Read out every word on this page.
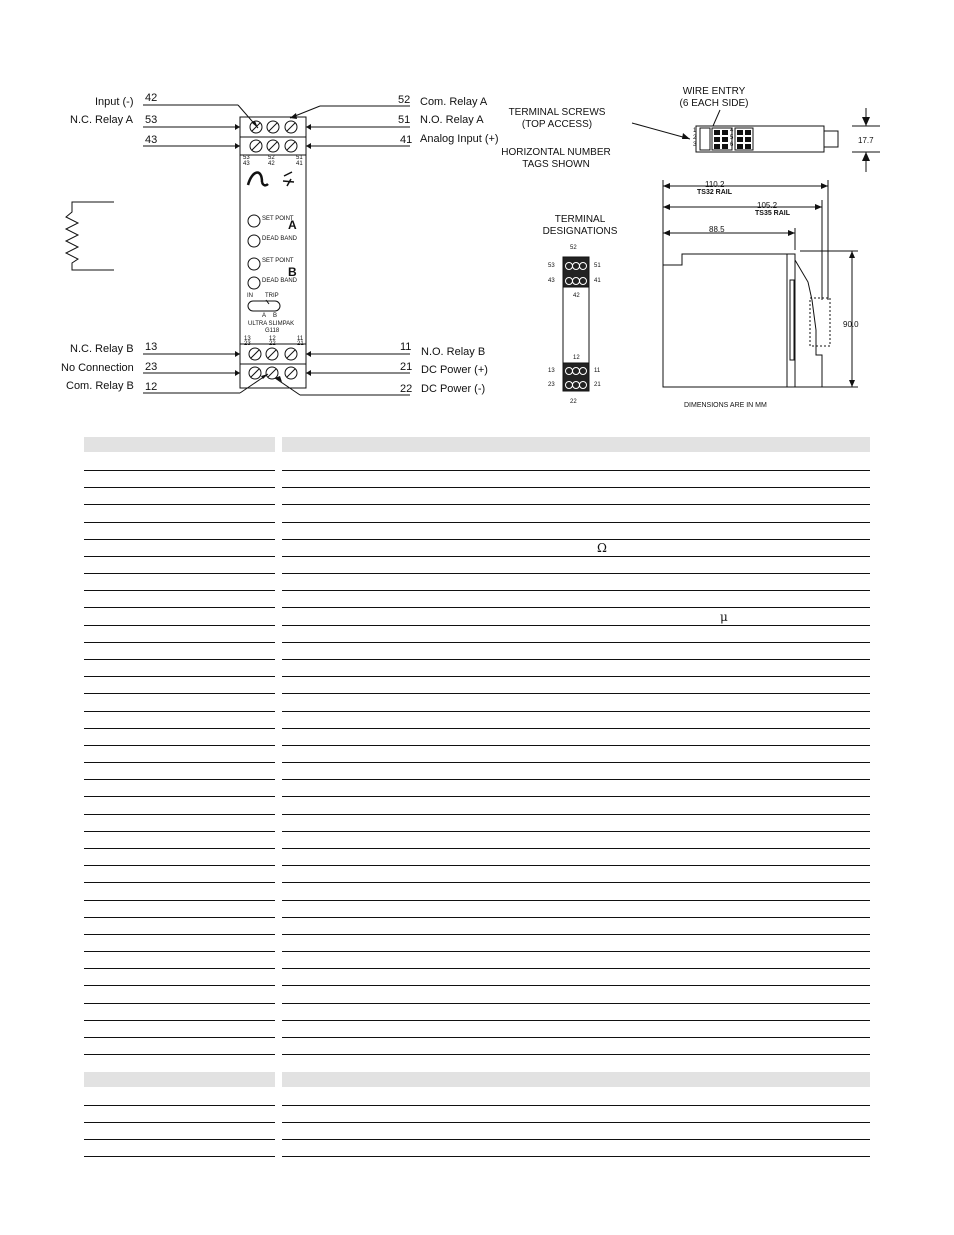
Input (-)
N.C. Relay A
N.C. Relay B
No Connection
Com. Relay B
42
53
43
13
23
12
52
51
41
11
21
22
Com. Relay A
N.O. Relay A
Analog Input (+)
N.O. Relay B
DC Power (+)
DC Power (-)
53	52	51
43	42	41
SET POINT
DEAD BAND
SET POINT
DEAD BAND
A
B
IN TRIP
A B
ULTRA SLIMPAK
G118
13	12	11
23	22	21
TERMINAL SCREWS
(TOP ACCESS)
HORIZONTAL NUMBER
TAGS SHOWN
WIRE ENTRY
(6 EACH SIDE)
TERMINAL
DESIGNATIONS
52
53	51
43	41
42
12
13	11
23	21
22
1
2
3
4
5
6	17.7
110.2
TS32 RAIL
105.2
TS35 RAIL
88.5
90.0
DIMENSIONS ARE IN MM
Ω
μ
